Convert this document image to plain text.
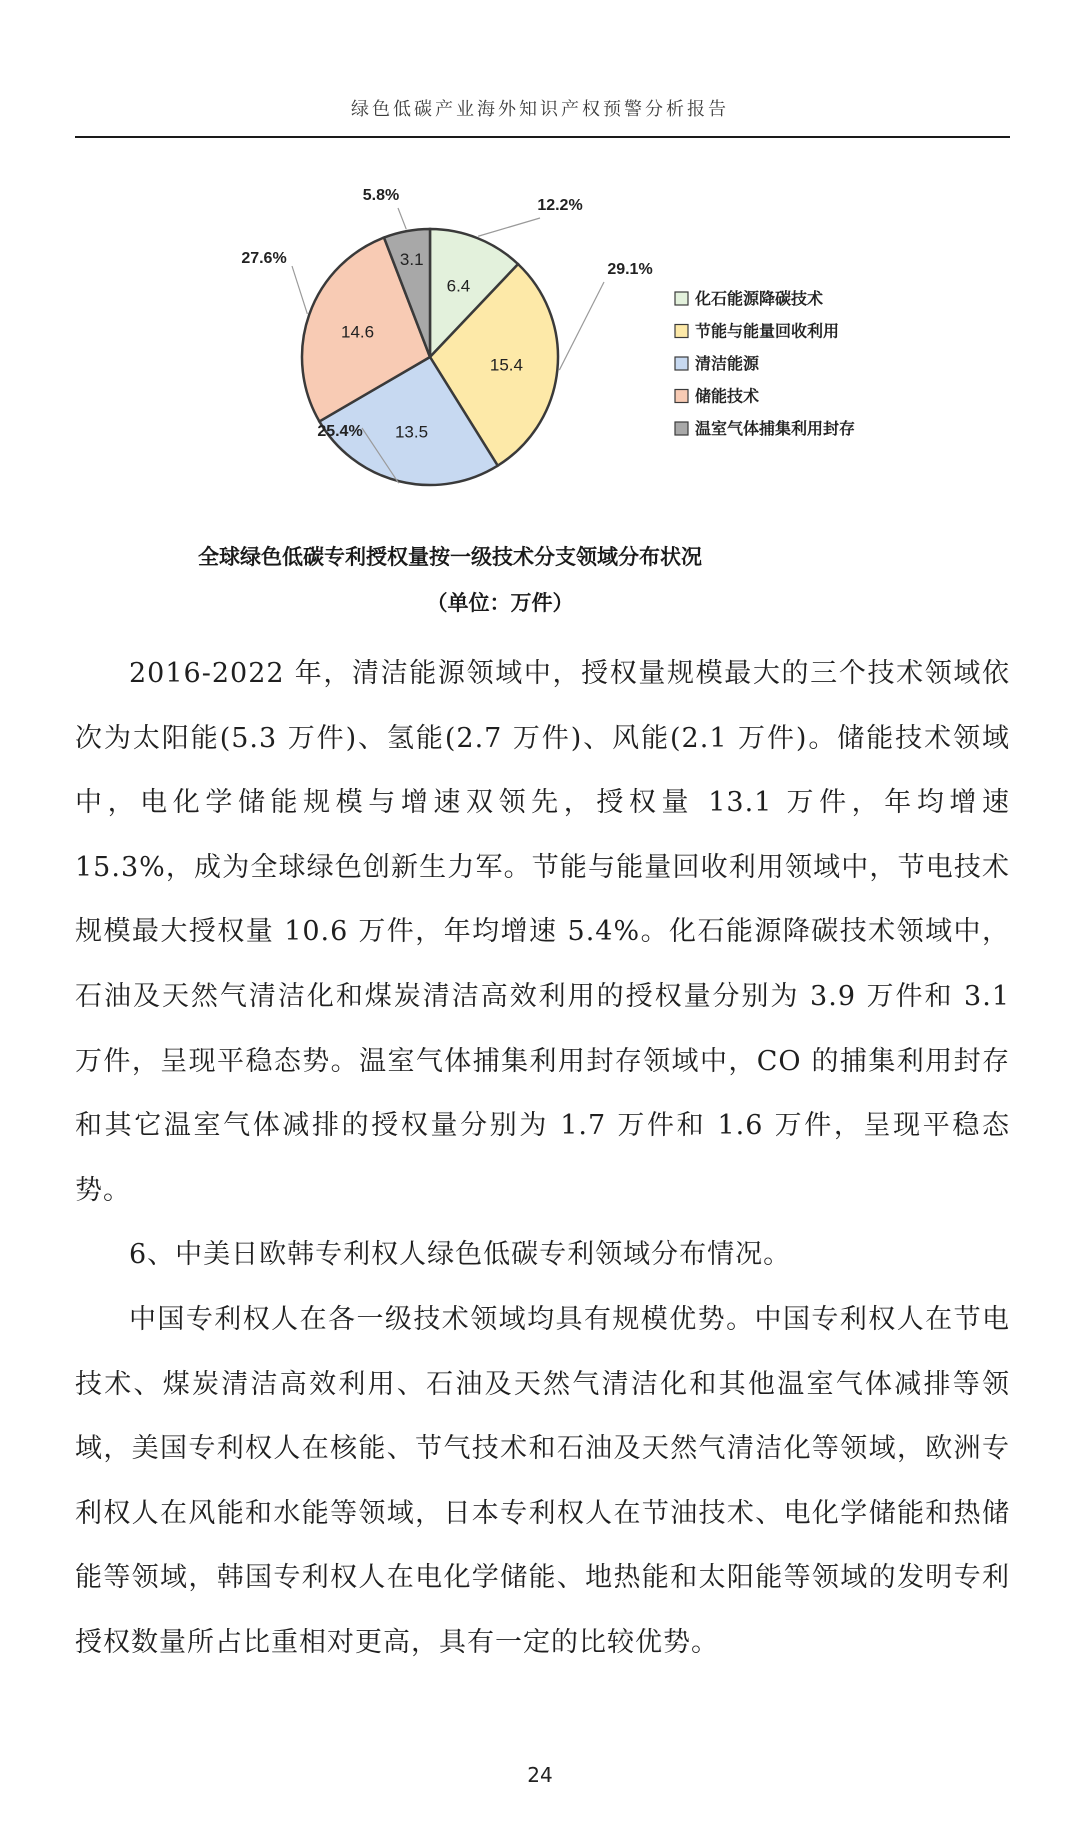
绿色低碳产业海外知识产权预警分析报告
6.4
15.4
13.5
14.6
3.1
12.2%
29.1%
25.4%
27.6%
5.8%
化石能源降碳技术
节能与能量回收利用
清洁能源
储能技术
温室气体捕集利用封存
全球绿色低碳专利授权量按一级技术分支领域分布状况
（单位：万件）

2016-2022 年，清洁能源领域中，授权量规模最大的三个技术领域依次为太阳能(5.3 万件)、氢能(2.7 万件)、风能(2.1 万件)。储能技术领域中，电化学储能规模与增速双领先，授权量 13.1 万件，年均增速 15.3%，成为全球绿色创新生力军。节能与能量回收利用领域中，节电技术规模最大授权量 10.6 万件，年均增速 5.4%。化石能源降碳技术领域中，石油及天然气清洁化和煤炭清洁高效利用的授权量分别为 3.9 万件和 3.1 万件，呈现平稳态势。温室气体捕集利用封存领域中，CO 的捕集利用封存和其它温室气体减排的授权量分别为 1.7 万件和 1.6 万件，呈现平稳态势。

6、中美日欧韩专利权人绿色低碳专利领域分布情况。

中国专利权人在各一级技术领域均具有规模优势。中国专利权人在节电技术、煤炭清洁高效利用、石油及天然气清洁化和其他温室气体减排等领域，美国专利权人在核能、节气技术和石油及天然气清洁化等领域，欧洲专利权人在风能和水能等领域，日本专利权人在节油技术、电化学储能和热储能等领域，韩国专利权人在电化学储能、地热能和太阳能等领域的发明专利授权数量所占比重相对更高，具有一定的比较优势。

24
